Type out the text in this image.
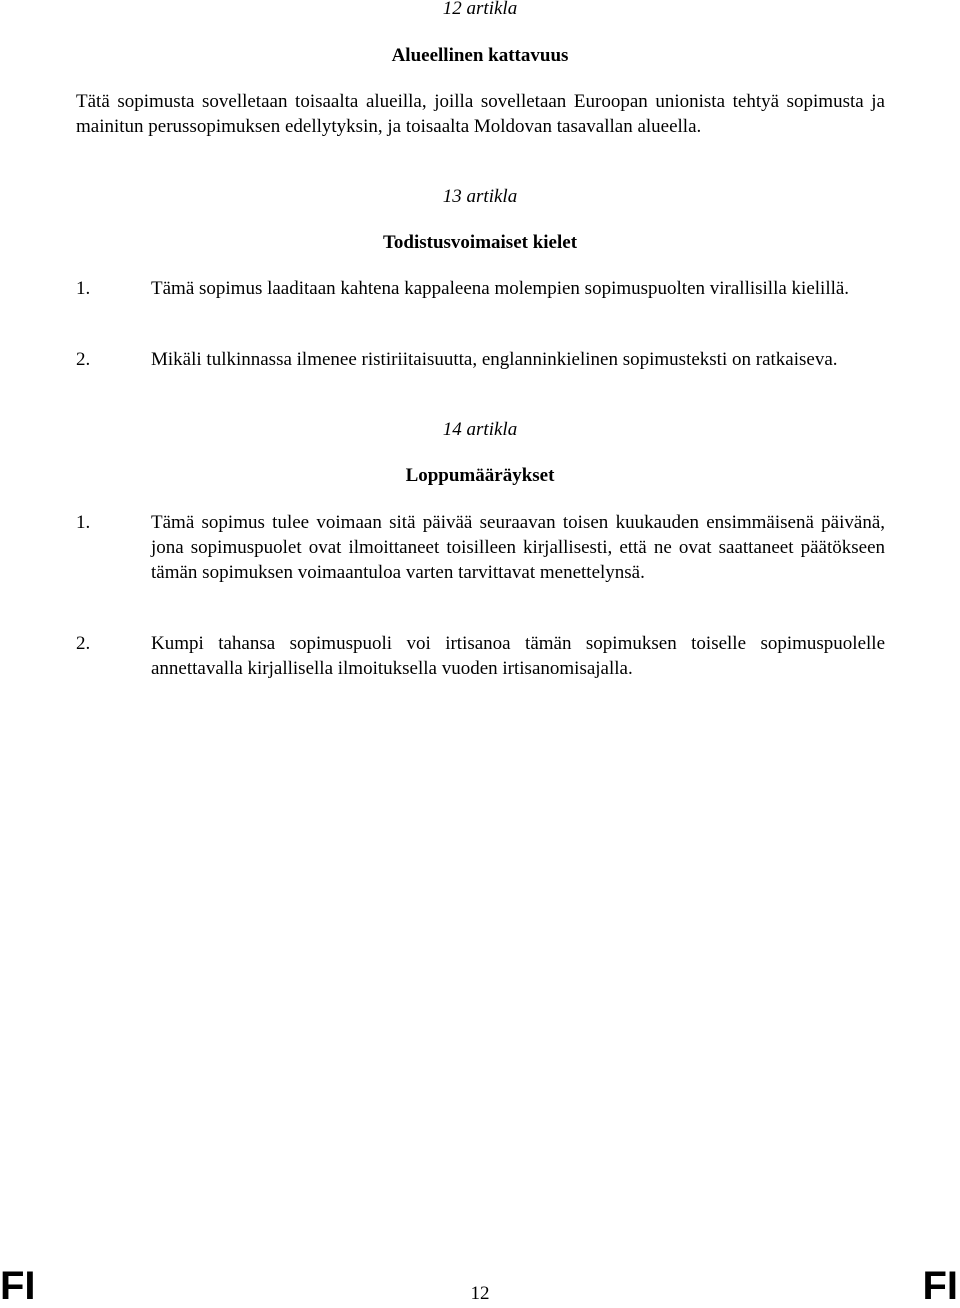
12 artikla
Alueellinen kattavuus

Tätä sopimusta sovelletaan toisaalta alueilla, joilla sovelletaan Euroopan unionista tehtyä sopimusta ja mainitun perussopimuksen edellytyksin, ja toisaalta Moldovan tasavallan alueella.

13 artikla
Todistusvoimaiset kielet
1.	Tämä sopimus laaditaan kahtena kappaleena molempien sopimuspuolten virallisilla kielillä.
2.	Mikäli tulkinnassa ilmenee ristiriitaisuutta, englanninkielinen sopimusteksti on ratkaiseva.
14 artikla
Loppumääräykset
1.	Tämä sopimus tulee voimaan sitä päivää seuraavan toisen kuukauden ensimmäisenä päivänä, jona sopimuspuolet ovat ilmoittaneet toisilleen kirjallisesti, että ne ovat saattaneet päätökseen tämän sopimuksen voimaantuloa varten tarvittavat menettelynsä.
2.	Kumpi tahansa sopimuspuoli voi irtisanoa tämän sopimuksen toiselle sopimuspuolelle annettavalla kirjallisella ilmoituksella vuoden irtisanomisajalla.
FI	12	FI
